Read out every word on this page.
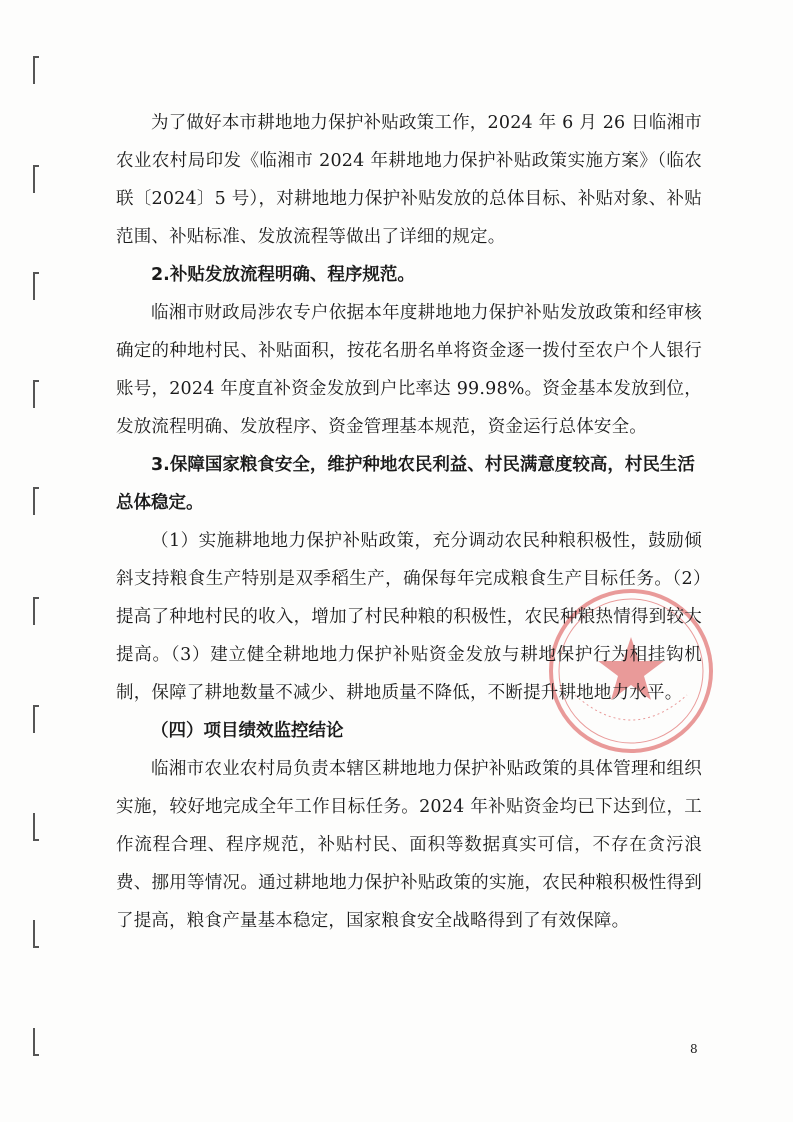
为了做好本市耕地地力保护补贴政策工作，2024 年 6 月 26 日临湘市农业农村局印发《临湘市 2024 年耕地地力保护补贴政策实施方案》（临农联〔2024〕5 号），对耕地地力保护补贴发放的总体目标、补贴对象、补贴范围、补贴标准、发放流程等做出了详细的规定。

2.补贴发放流程明确、程序规范。

临湘市财政局涉农专户依据本年度耕地地力保护补贴发放政策和经审核确定的种地村民、补贴面积，按花名册名单将资金逐一拨付至农户个人银行账号，2024 年度直补资金发放到户比率达 99.98%。资金基本发放到位，发放流程明确、发放程序、资金管理基本规范，资金运行总体安全。

3.保障国家粮食安全，维护种地农民利益、村民满意度较高，村民生活总体稳定。

（1）实施耕地地力保护补贴政策，充分调动农民种粮积极性，鼓励倾斜支持粮食生产特别是双季稻生产，确保每年完成粮食生产目标任务。（2）提高了种地村民的收入，增加了村民种粮的积极性，农民种粮热情得到较大提高。（3）建立健全耕地地力保护补贴资金发放与耕地保护行为相挂钩机制，保障了耕地数量不减少、耕地质量不降低，不断提升耕地地力水平。

（四）项目绩效监控结论

临湘市农业农村局负责本辖区耕地地力保护补贴政策的具体管理和组织实施，较好地完成全年工作目标任务。2024 年补贴资金均已下达到位，工作流程合理、程序规范，补贴村民、面积等数据真实可信，不存在贪污浪费、挪用等情况。通过耕地地力保护补贴政策的实施，农民种粮积极性得到了提高，粮食产量基本稳定，国家粮食安全战略得到了有效保障。

8
